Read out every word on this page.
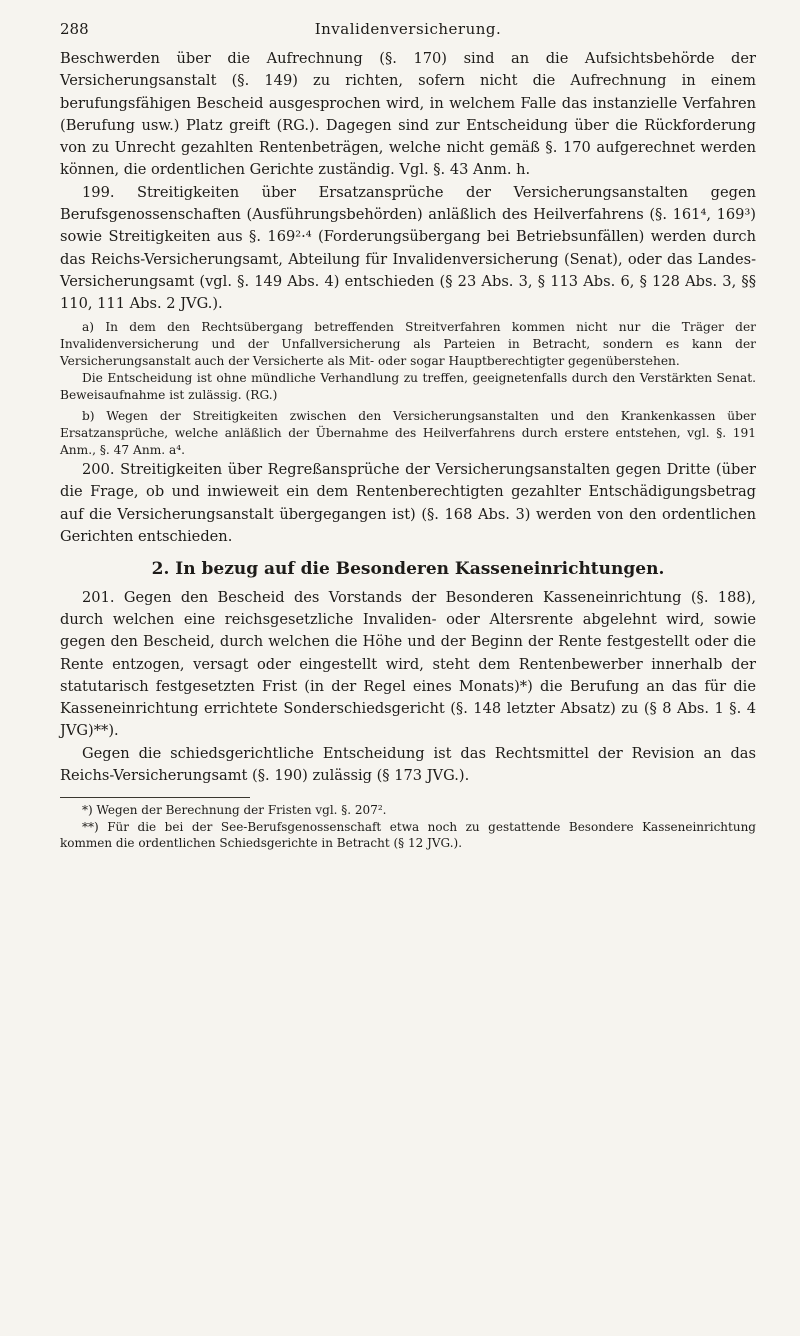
288	Invalidenversicherung.

Beschwerden über die Aufrechnung (§. 170) sind an die Aufsichtsbehörde der Versicherungsanstalt (§. 149) zu richten, sofern nicht die Aufrechnung in einem berufungsfähigen Bescheid ausgesprochen wird, in welchem Falle das instanzielle Verfahren (Berufung usw.) Platz greift (RG.). Dagegen sind zur Entscheidung über die Rückforderung von zu Unrecht gezahlten Rentenbeträgen, welche nicht gemäß §. 170 aufgerechnet werden können, die ordentlichen Gerichte zuständig. Vgl. §. 43 Anm. h.

199. Streitigkeiten über Ersatzansprüche der Versicherungsanstalten gegen Berufsgenossenschaften (Ausführungsbehörden) anläßlich des Heilverfahrens (§. 161⁴, 169³) sowie Streitigkeiten aus §. 169²·⁴ (Forderungsübergang bei Betriebsunfällen) werden durch das Reichs-Versicherungsamt, Abteilung für Invalidenversicherung (Senat), oder das Landes-Versicherungsamt (vgl. §. 149 Abs. 4) entschieden (§ 23 Abs. 3, § 113 Abs. 6, § 128 Abs. 3, §§ 110, 111 Abs. 2 JVG.).

a) In dem den Rechtsübergang betreffenden Streitverfahren kommen nicht nur die Träger der Invalidenversicherung und der Unfallversicherung als Parteien in Betracht, sondern es kann der Versicherungsanstalt auch der Versicherte als Mit- oder sogar Hauptberechtigter gegenüberstehen.

Die Entscheidung ist ohne mündliche Verhandlung zu treffen, geeignetenfalls durch den Verstärkten Senat. Beweisaufnahme ist zulässig. (RG.)

b) Wegen der Streitigkeiten zwischen den Versicherungsanstalten und den Krankenkassen über Ersatzansprüche, welche anläßlich der Übernahme des Heilverfahrens durch erstere entstehen, vgl. §. 191 Anm., §. 47 Anm. a⁴.

200. Streitigkeiten über Regreßansprüche der Versicherungsanstalten gegen Dritte (über die Frage, ob und inwieweit ein dem Rentenberechtigten gezahlter Entschädigungsbetrag auf die Versicherungsanstalt übergegangen ist) (§. 168 Abs. 3) werden von den ordentlichen Gerichten entschieden.

2. In bezug auf die Besonderen Kasseneinrichtungen.

201. Gegen den Bescheid des Vorstands der Besonderen Kasseneinrichtung (§. 188), durch welchen eine reichsgesetzliche Invaliden- oder Altersrente abgelehnt wird, sowie gegen den Bescheid, durch welchen die Höhe und der Beginn der Rente festgestellt oder die Rente entzogen, versagt oder eingestellt wird, steht dem Rentenbewerber innerhalb der statutarisch festgesetzten Frist (in der Regel eines Monats)*) die Berufung an das für die Kasseneinrichtung errichtete Sonderschiedsgericht (§. 148 letzter Absatz) zu (§ 8 Abs. 1 §. 4 JVG)**).

Gegen die schiedsgerichtliche Entscheidung ist das Rechtsmittel der Revision an das Reichs-Versicherungsamt (§. 190) zulässig (§ 173 JVG.).

*) Wegen der Berechnung der Fristen vgl. §. 207².

**) Für die bei der See-Berufsgenossenschaft etwa noch zu gestattende Besondere Kasseneinrichtung kommen die ordentlichen Schiedsgerichte in Betracht (§ 12 JVG.).
